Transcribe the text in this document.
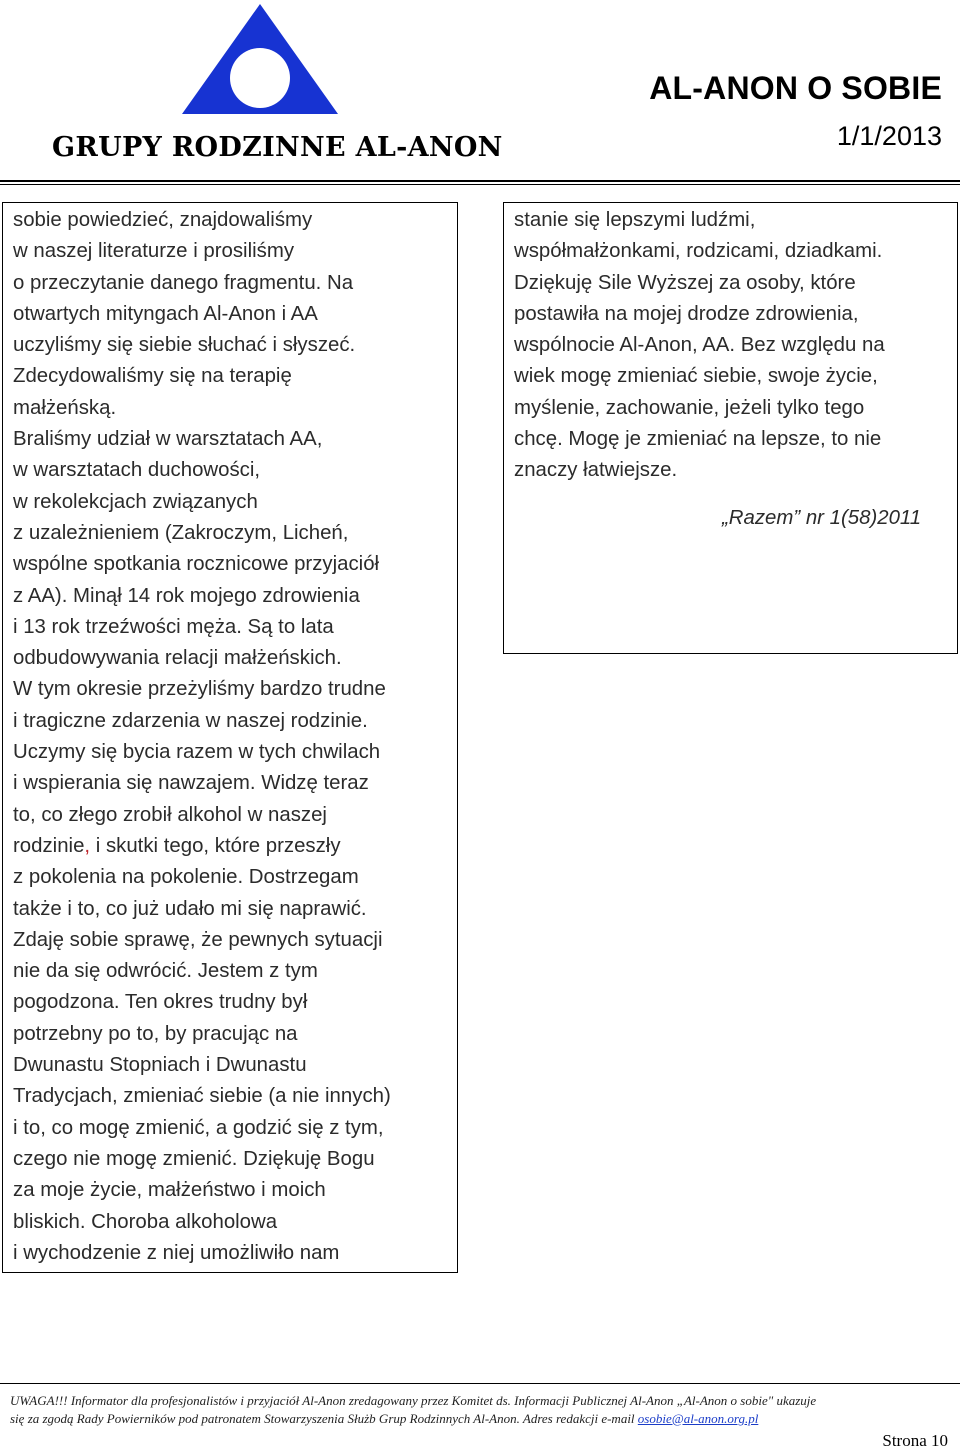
GRUPY RODZINNE AL-ANON
AL-ANON O SOBIE
1/1/2013
sobie powiedzieć, znajdowaliśmy
w naszej literaturze i prosiliśmy
o przeczytanie danego fragmentu. Na
otwartych mityngach Al-Anon i AA
uczyliśmy się siebie słuchać i słyszeć.
Zdecydowaliśmy się na terapię
małżeńską.
Braliśmy udział w warsztatach AA,
w warsztatach duchowości,
w rekolekcjach związanych
z uzależnieniem (Zakroczym, Licheń,
wspólne spotkania rocznicowe przyjaciół
z AA). Minął 14 rok mojego zdrowienia
i 13 rok trzeźwości męża. Są to lata
odbudowywania relacji małżeńskich.
W tym okresie przeżyliśmy bardzo trudne
i tragiczne zdarzenia w naszej rodzinie.
Uczymy się bycia razem w tych chwilach
i wspierania się nawzajem. Widzę teraz
to, co złego zrobił alkohol w naszej
rodzinie, i skutki tego, które przeszły
z pokolenia na pokolenie. Dostrzegam
także i to, co już udało mi się naprawić.
Zdaję sobie sprawę, że pewnych sytuacji
nie da się odwrócić. Jestem z tym
pogodzona. Ten okres trudny był
potrzebny po to, by pracując na
Dwunastu Stopniach i Dwunastu
Tradycjach, zmieniać siebie (a nie innych)
i to, co mogę zmienić, a godzić się z tym,
czego nie mogę zmienić. Dziękuję Bogu
za moje życie, małżeństwo i moich
bliskich. Choroba alkoholowa
i wychodzenie z niej umożliwiło nam
stanie się lepszymi ludźmi,
współmałżonkami, rodzicami, dziadkami.
Dziękuję Sile Wyższej za osoby, które
postawiła na mojej drodze zdrowienia,
wspólnocie Al-Anon, AA. Bez względu na
wiek mogę zmieniać siebie, swoje życie,
myślenie, zachowanie, jeżeli tylko tego
chcę. Mogę je zmieniać na lepsze, to nie
znaczy łatwiejsze.
„Razem” nr 1(58)2011
UWAGA!!! Informator dla profesjonalistów i przyjaciół Al-Anon zredagowany przez Komitet ds. Informacji Publicznej Al-Anon „Al-Anon o sobie" ukazuje
się za zgodą Rady Powierników pod patronatem Stowarzyszenia Służb Grup Rodzinnych Al-Anon. Adres redakcji e-mail osobie@al-anon.org.pl
Strona 10
